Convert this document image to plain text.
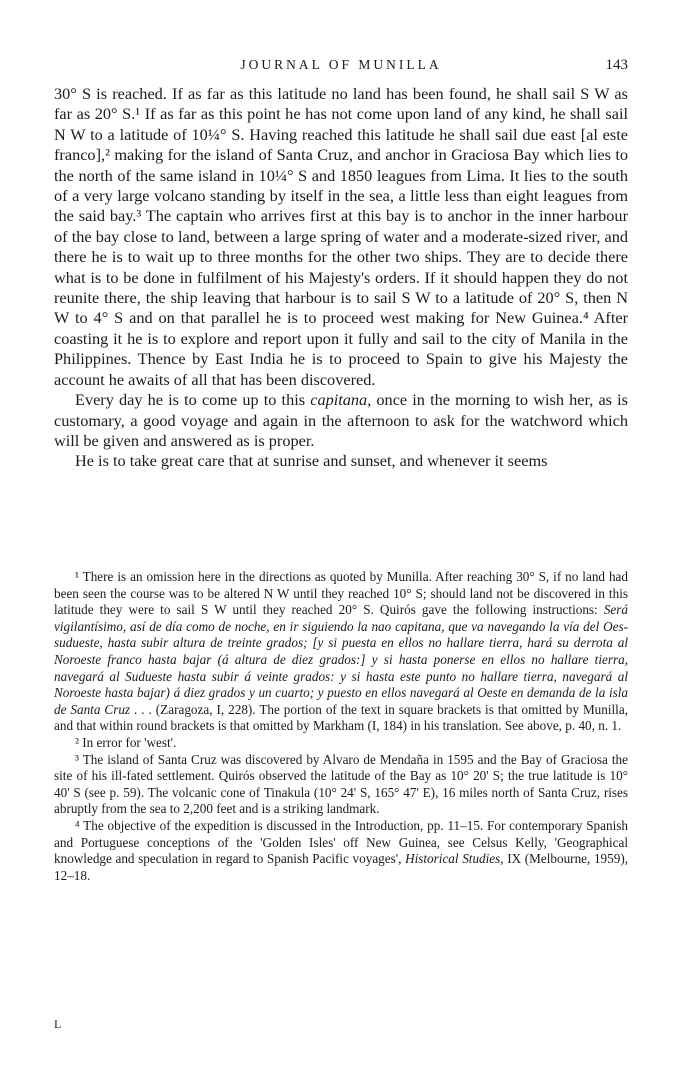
JOURNAL OF MUNILLA	143

30° S is reached. If as far as this latitude no land has been found, he shall sail S W as far as 20° S.¹ If as far as this point he has not come upon land of any kind, he shall sail N W to a latitude of 10¼° S. Having reached this latitude he shall sail due east [al este franco],² making for the island of Santa Cruz, and anchor in Graciosa Bay which lies to the north of the same island in 10¼° S and 1850 leagues from Lima. It lies to the south of a very large volcano standing by itself in the sea, a little less than eight leagues from the said bay.³ The captain who arrives first at this bay is to anchor in the inner harbour of the bay close to land, between a large spring of water and a moderate-sized river, and there he is to wait up to three months for the other two ships. They are to decide there what is to be done in fulfilment of his Majesty's orders. If it should happen they do not reunite there, the ship leaving that harbour is to sail S W to a latitude of 20° S, then N W to 4° S and on that parallel he is to proceed west making for New Guinea.⁴ After coasting it he is to explore and report upon it fully and sail to the city of Manila in the Philippines. Thence by East India he is to proceed to Spain to give his Majesty the account he awaits of all that has been discovered.

Every day he is to come up to this capitana, once in the morning to wish her, as is customary, a good voyage and again in the afternoon to ask for the watchword which will be given and answered as is proper.

He is to take great care that at sunrise and sunset, and whenever it seems

¹ There is an omission here in the directions as quoted by Munilla. After reaching 30° S, if no land had been seen the course was to be altered N W until they reached 10° S; should land not be discovered in this latitude they were to sail S W until they reached 20° S. Quirós gave the following instructions: Será vigilantísimo, así de día como de noche, en ir siguiendo la nao capitana, que va navegando la vía del Oes-sudueste, hasta subir altura de treinte grados; [y si puesta en ellos no hallare tierra, hará su derrota al Noroeste franco hasta bajar (á altura de diez grados:] y si hasta ponerse en ellos no hallare tierra, navegará al Sudueste hasta subir á veinte grados: y si hasta este punto no hallare tierra, navegará al Noroeste hasta bajar) á diez grados y un cuarto; y puesto en ellos navegará al Oeste en demanda de la isla de Santa Cruz . . . (Zaragoza, I, 228). The portion of the text in square brackets is that omitted by Munilla, and that within round brackets is that omitted by Markham (I, 184) in his translation. See above, p. 40, n. 1.

² In error for 'west'.

³ The island of Santa Cruz was discovered by Alvaro de Mendaña in 1595 and the Bay of Graciosa the site of his ill-fated settlement. Quirós observed the latitude of the Bay as 10° 20' S; the true latitude is 10° 40' S (see p. 59). The volcanic cone of Tinakula (10° 24' S, 165° 47' E), 16 miles north of Santa Cruz, rises abruptly from the sea to 2,200 feet and is a striking landmark.

⁴ The objective of the expedition is discussed in the Introduction, pp. 11–15. For contemporary Spanish and Portuguese conceptions of the 'Golden Isles' off New Guinea, see Celsus Kelly, 'Geographical knowledge and speculation in regard to Spanish Pacific voyages', Historical Studies, IX (Melbourne, 1959), 12–18.

L
